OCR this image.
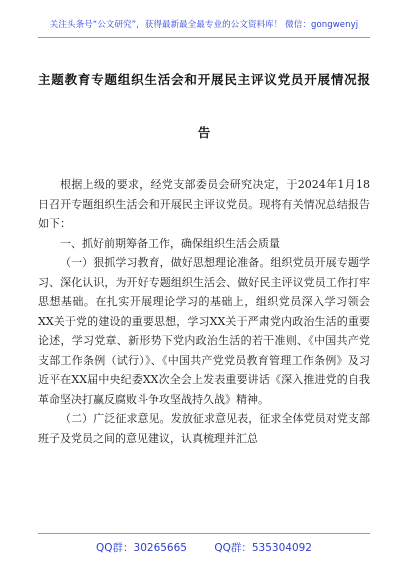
关注头条号“公文研究”，获得最新最全最专业的公文资料库！ 微信：gongwenyj
主题教育专题组织生活会和开展民主评议党员开展情况报
告

根据上级的要求，经党支部委员会研究决定，于2024年1月18日召开专题组织生活会和开展民主评议党员。现将有关情况总结报告如下：

一、抓好前期筹备工作，确保组织生活会质量

（一）狠抓学习教育，做好思想理论准备。组织党员开展专题学习、深化认识，为开好专题组织生活会、做好民主评议党员工作打牢思想基础。在扎实开展理论学习的基础上，组织党员深入学习领会XX关于党的建设的重要思想，学习XX关于严肃党内政治生活的重要论述，学习党章、新形势下党内政治生活的若干准则、《中国共产党支部工作条例（试行）》、《中国共产党党员教育管理工作条例》及习近平在XX届中央纪委XX次全会上发表重要讲话《深入推进党的自我革命坚决打赢反腐败斗争攻坚战持久战》精神。

（二）广泛征求意见。发放征求意见表，征求全体党员对党支部班子及党员之间的意见建议，认真梳理并汇总

QQ群：30265665	QQ群：535304092
